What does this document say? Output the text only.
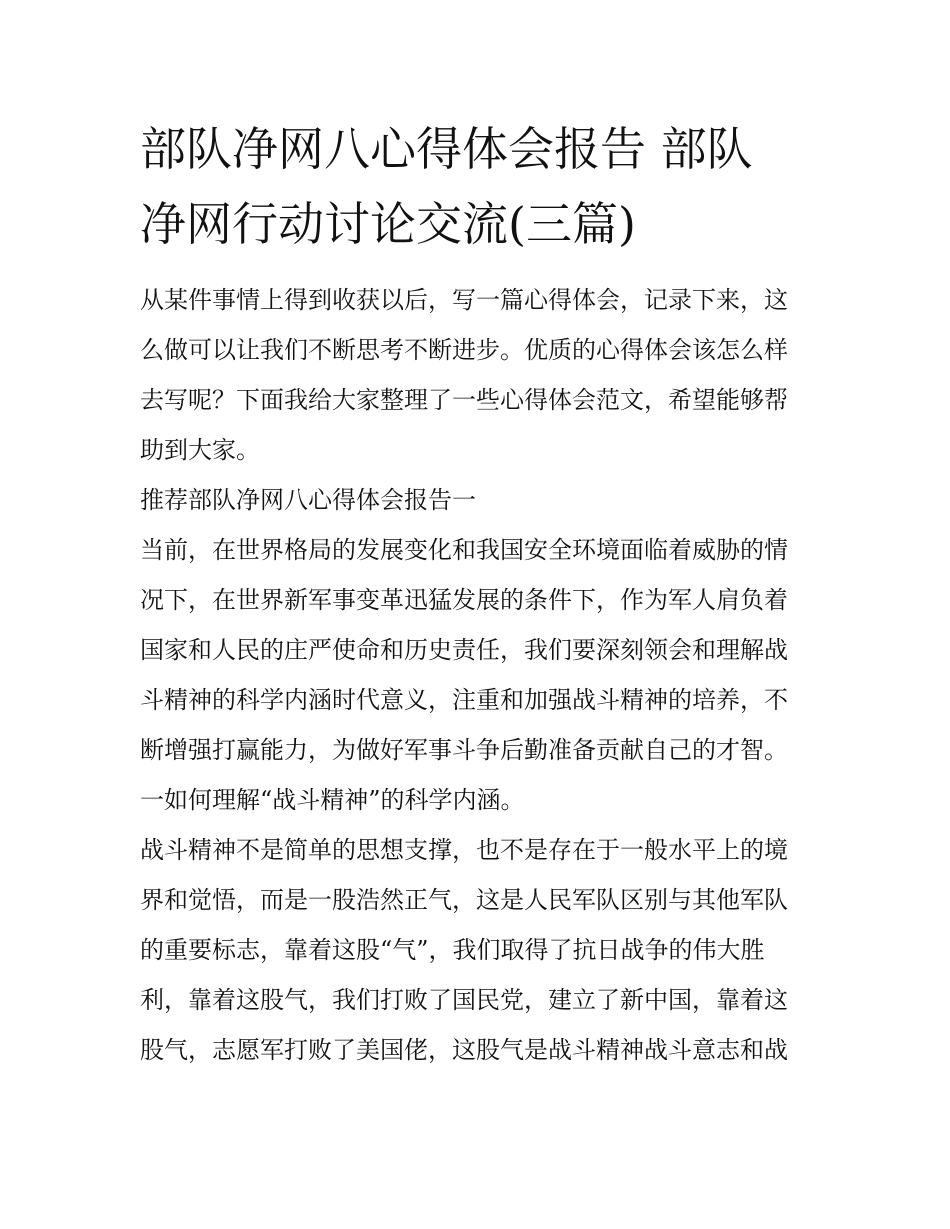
部队净网八心得体会报告 部队
净网行动讨论交流(三篇)

从某件事情上得到收获以后，写一篇心得体会，记录下来，这
么做可以让我们不断思考不断进步。优质的心得体会该怎么样
去写呢？下面我给大家整理了一些心得体会范文，希望能够帮
助到大家。

推荐部队净网八心得体会报告一

当前，在世界格局的发展变化和我国安全环境面临着威胁的情
况下，在世界新军事变革迅猛发展的条件下，作为军人肩负着
国家和人民的庄严使命和历史责任，我们要深刻领会和理解战
斗精神的科学内涵时代意义，注重和加强战斗精神的培养，不
断增强打赢能力，为做好军事斗争后勤准备贡献自己的才智。

一如何理解“战斗精神”的科学内涵。

战斗精神不是简单的思想支撑，也不是存在于一般水平上的境
界和觉悟，而是一股浩然正气，这是人民军队区别与其他军队
的重要标志，靠着这股“气”，我们取得了抗日战争的伟大胜
利，靠着这股气，我们打败了国民党，建立了新中国，靠着这
股气，志愿军打败了美国佬，这股气是战斗精神战斗意志和战
